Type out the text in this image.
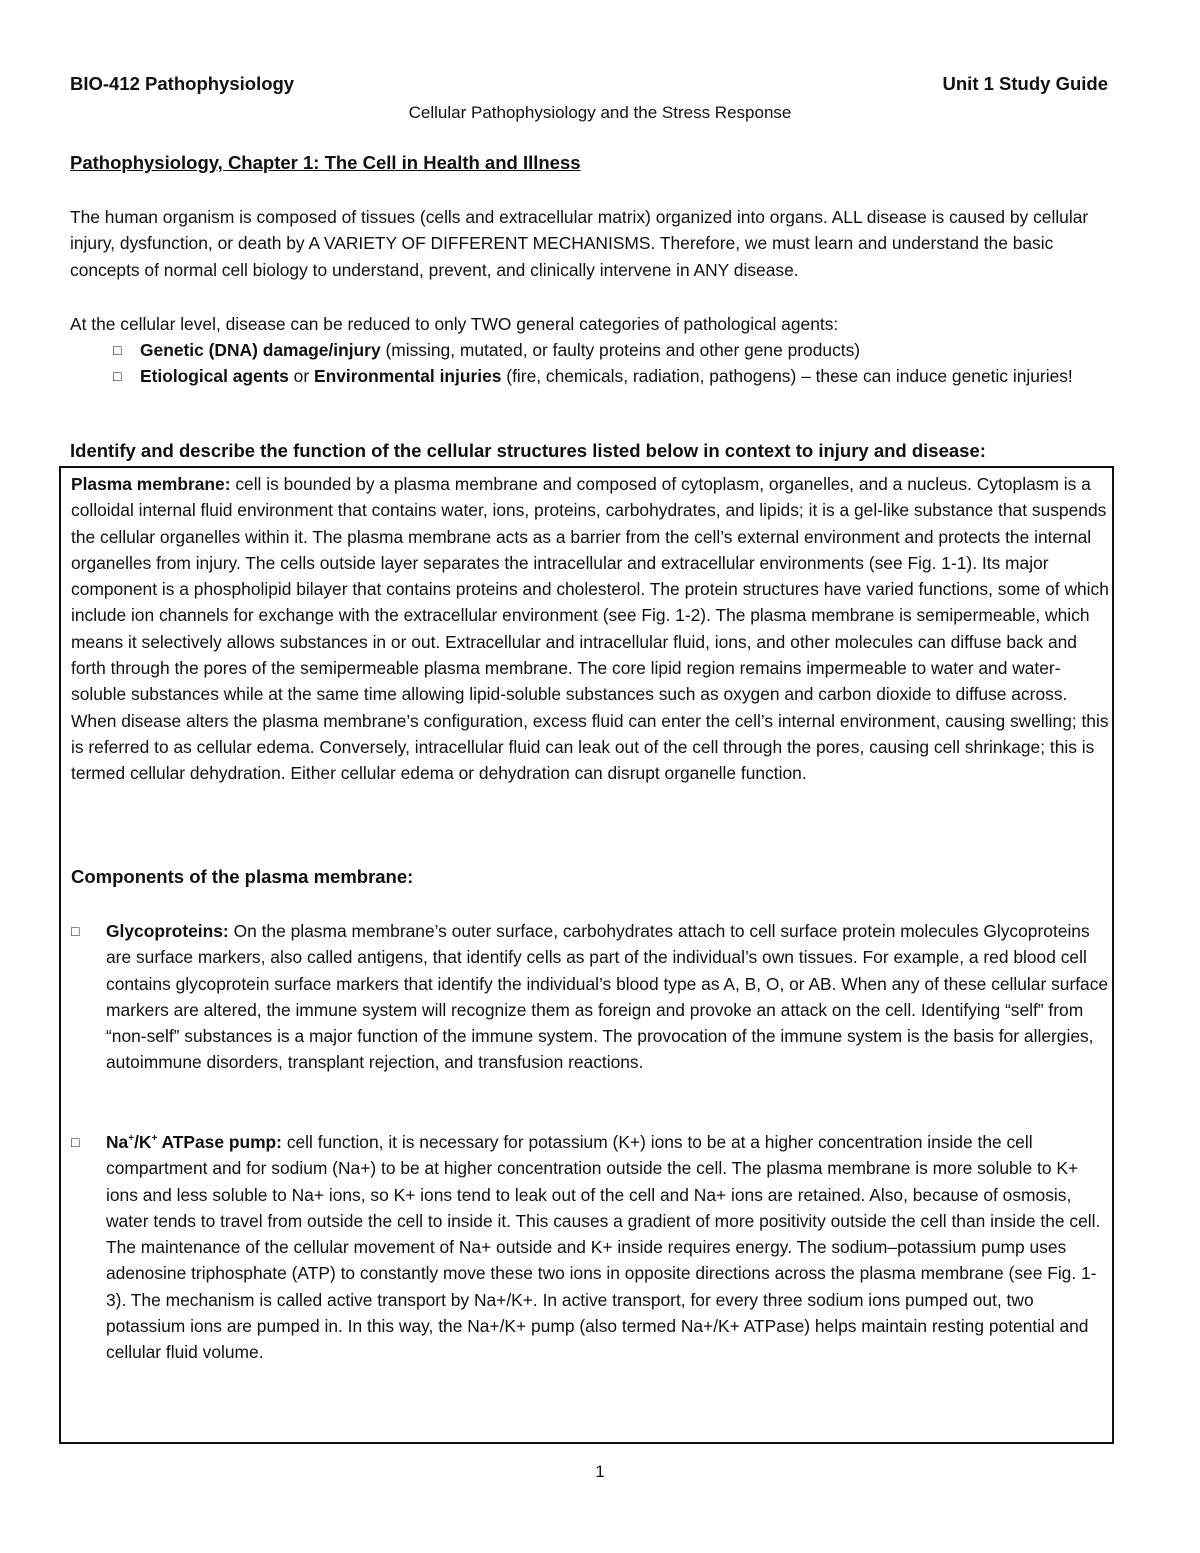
BIO-412 Pathophysiology	Unit 1 Study Guide
Cellular Pathophysiology and the Stress Response
Pathophysiology, Chapter 1: The Cell in Health and Illness
The human organism is composed of tissues (cells and extracellular matrix) organized into organs. ALL disease is caused by cellular injury, dysfunction, or death by A VARIETY OF DIFFERENT MECHANISMS. Therefore, we must learn and understand the basic concepts of normal cell biology to understand, prevent, and clinically intervene in ANY disease.
At the cellular level, disease can be reduced to only TWO general categories of pathological agents:
□ Genetic (DNA) damage/injury (missing, mutated, or faulty proteins and other gene products)
□ Etiological agents or Environmental injuries (fire, chemicals, radiation, pathogens) – these can induce genetic injuries!
Identify and describe the function of the cellular structures listed below in context to injury and disease:
Plasma membrane: cell is bounded by a plasma membrane and composed of cytoplasm, organelles, and a nucleus. Cytoplasm is a colloidal internal fluid environment that contains water, ions, proteins, carbohydrates, and lipids; it is a gel-like substance that suspends the cellular organelles within it. The plasma membrane acts as a barrier from the cell’s external environment and protects the internal organelles from injury. The cells outside layer separates the intracellular and extracellular environments (see Fig. 1-1). Its major component is a phospholipid bilayer that contains proteins and cholesterol. The protein structures have varied functions, some of which include ion channels for exchange with the extracellular environment (see Fig. 1-2). The plasma membrane is semipermeable, which means it selectively allows substances in or out. Extracellular and intracellular fluid, ions, and other molecules can diffuse back and forth through the pores of the semipermeable plasma membrane. The core lipid region remains impermeable to water and water-soluble substances while at the same time allowing lipid-soluble substances such as oxygen and carbon dioxide to diffuse across. When disease alters the plasma membrane’s configuration, excess fluid can enter the cell’s internal environment, causing swelling; this is referred to as cellular edema. Conversely, intracellular fluid can leak out of the cell through the pores, causing cell shrinkage; this is termed cellular dehydration. Either cellular edema or dehydration can disrupt organelle function.
Components of the plasma membrane:
□	Glycoproteins: On the plasma membrane’s outer surface, carbohydrates attach to cell surface protein molecules Glycoproteins are surface markers, also called antigens, that identify cells as part of the individual’s own tissues. For example, a red blood cell contains glycoprotein surface markers that identify the individual’s blood type as A, B, O, or AB. When any of these cellular surface markers are altered, the immune system will recognize them as foreign and provoke an attack on the cell. Identifying “self” from “non-self” substances is a major function of the immune system. The provocation of the immune system is the basis for allergies, autoimmune disorders, transplant rejection, and transfusion reactions.
□	Na+/K+ ATPase pump: cell function, it is necessary for potassium (K+) ions to be at a higher concentration inside the cell compartment and for sodium (Na+) to be at higher concentration outside the cell. The plasma membrane is more soluble to K+ ions and less soluble to Na+ ions, so K+ ions tend to leak out of the cell and Na+ ions are retained. Also, because of osmosis, water tends to travel from outside the cell to inside it. This causes a gradient of more positivity outside the cell than inside the cell. The maintenance of the cellular movement of Na+ outside and K+ inside requires energy. The sodium–potassium pump uses adenosine triphosphate (ATP) to constantly move these two ions in opposite directions across the plasma membrane (see Fig. 1-3). The mechanism is called active transport by Na+/K+. In active transport, for every three sodium ions pumped out, two potassium ions are pumped in. In this way, the Na+/K+ pump (also termed Na+/K+ ATPase) helps maintain resting potential and cellular fluid volume.
1
